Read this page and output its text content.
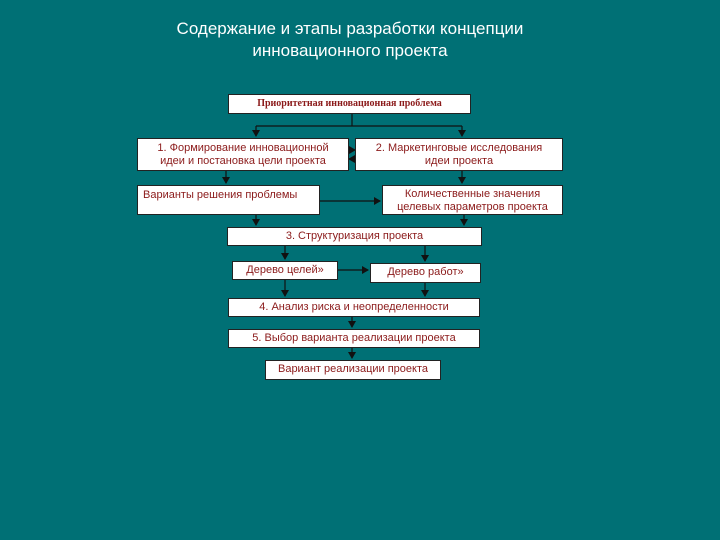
Содержание и этапы разработки концепции
инновационного проекта
Приоритетная инновационная проблема
1. Формирование инновационной
идеи и постановка цели проекта
2. Маркетинговые исследования
идеи проекта
Варианты решения проблемы	Количественные значения
целевых параметров проекта
3. Структуризация проекта
Дерево целей»	Дерево работ»
4. Анализ риска и неопределенности
5. Выбор варианта реализации проекта
Вариант реализации проекта
